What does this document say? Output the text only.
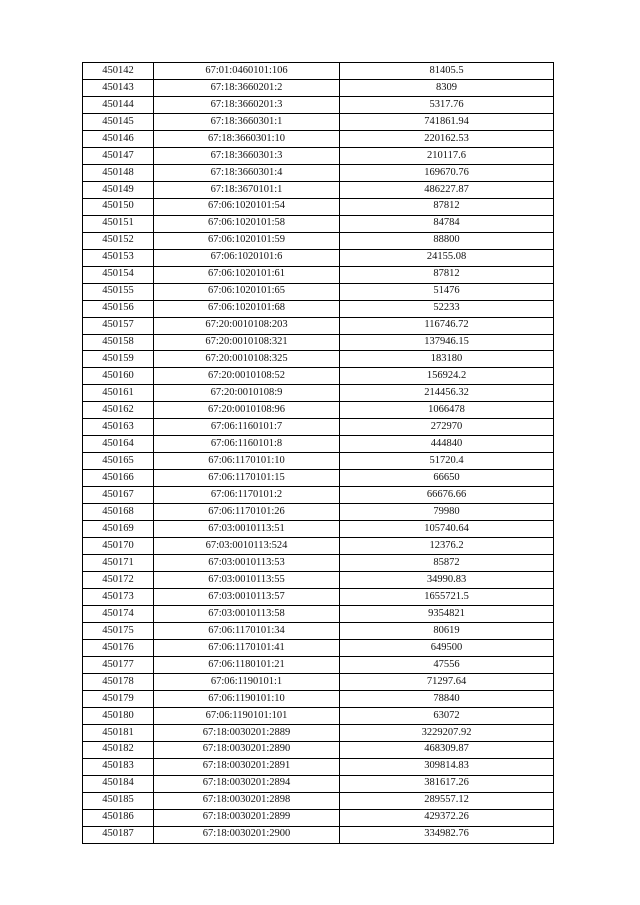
450142	67:01:0460101:106	81405.5
450143	67:18:3660201:2	8309
450144	67:18:3660201:3	5317.76
450145	67:18:3660301:1	741861.94
450146	67:18:3660301:10	220162.53
450147	67:18:3660301:3	210117.6
450148	67:18:3660301:4	169670.76
450149	67:18:3670101:1	486227.87
450150	67:06:1020101:54	87812
450151	67:06:1020101:58	84784
450152	67:06:1020101:59	88800
450153	67:06:1020101:6	24155.08
450154	67:06:1020101:61	87812
450155	67:06:1020101:65	51476
450156	67:06:1020101:68	52233
450157	67:20:0010108:203	116746.72
450158	67:20:0010108:321	137946.15
450159	67:20:0010108:325	183180
450160	67:20:0010108:52	156924.2
450161	67:20:0010108:9	214456.32
450162	67:20:0010108:96	1066478
450163	67:06:1160101:7	272970
450164	67:06:1160101:8	444840
450165	67:06:1170101:10	51720.4
450166	67:06:1170101:15	66650
450167	67:06:1170101:2	66676.66
450168	67:06:1170101:26	79980
450169	67:03:0010113:51	105740.64
450170	67:03:0010113:524	12376.2
450171	67:03:0010113:53	85872
450172	67:03:0010113:55	34990.83
450173	67:03:0010113:57	1655721.5
450174	67:03:0010113:58	9354821
450175	67:06:1170101:34	80619
450176	67:06:1170101:41	649500
450177	67:06:1180101:21	47556
450178	67:06:1190101:1	71297.64
450179	67:06:1190101:10	78840
450180	67:06:1190101:101	63072
450181	67:18:0030201:2889	3229207.92
450182	67:18:0030201:2890	468309.87
450183	67:18:0030201:2891	309814.83
450184	67:18:0030201:2894	381617.26
450185	67:18:0030201:2898	289557.12
450186	67:18:0030201:2899	429372.26
450187	67:18:0030201:2900	334982.76
